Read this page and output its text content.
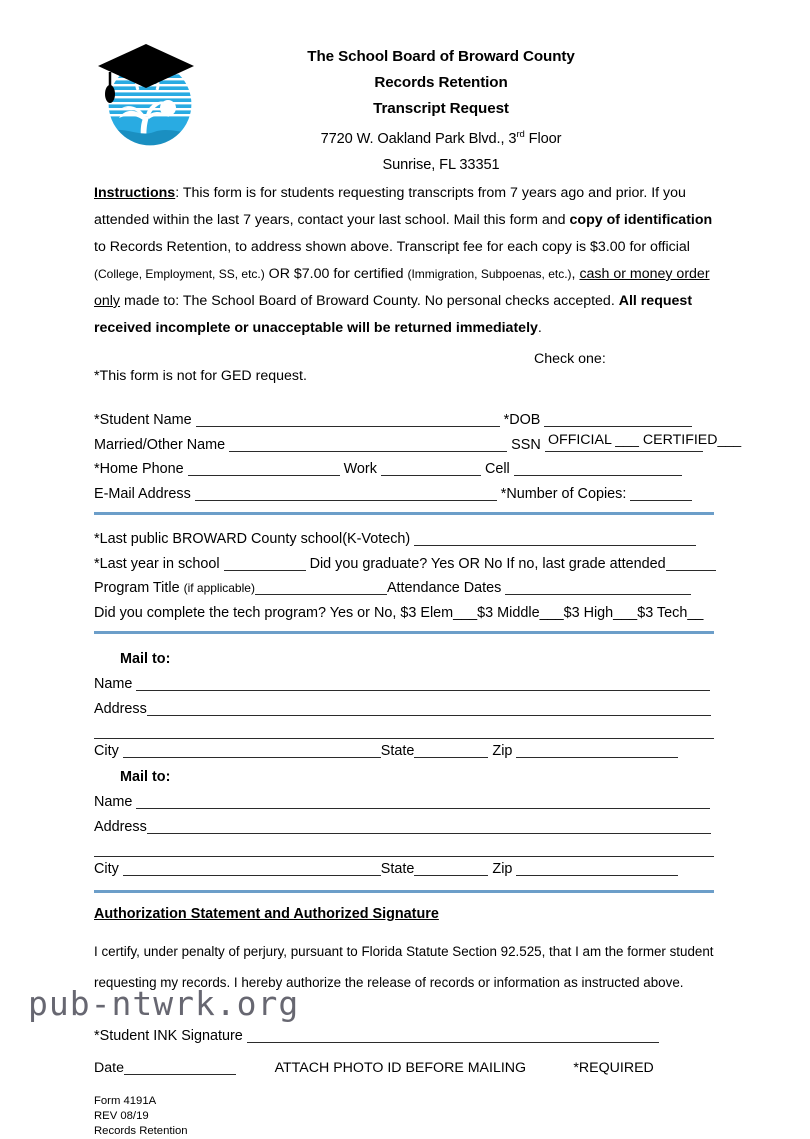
The School Board of Broward County
Records Retention
Transcript Request
7720 W. Oakland Park Blvd., 3rd Floor
Sunrise, FL 33351
Instructions: This form is for students requesting transcripts from 7 years ago and prior. If you attended within the last 7 years, contact your last school. Mail this form and copy of identification to Records Retention, to address shown above. Transcript fee for each copy is $3.00 for official (College, Employment, SS, etc.) OR $7.00 for certified (Immigration, Subpoenas, etc.), cash or money order only made to: The School Board of Broward County. No personal checks accepted. All request received incomplete or unacceptable will be returned immediately.

Check one:

OFFICIAL ___ CERTIFIED___

*This form is not for GED request.
*Student Name	*DOB
Married/Other Name	SSN
*Home Phone	Work	Cell
E-Mail Address	*Number of Copies:
*Last public BROWARD County school(K-Votech)
*Last year in school	Did you graduate? Yes OR No If no, last grade attended
Program Title (if applicable)	Attendance Dates
Did you complete the tech program? Yes or No, $3 Elem___$3 Middle___$3 High___$3 Tech__
Mail to:
Name
Address
City	State	Zip
Mail to:
Name
Address
City	State	Zip
Authorization Statement and Authorized Signature
I certify, under penalty of perjury, pursuant to Florida Statute Section 92.525, that I am the former student
requesting my records. I hereby authorize the release of records or information as instructed above.
*Student INK Signature
Date	ATTACH PHOTO ID BEFORE MAILING	*REQUIRED
Form 4191A
REV 08/19
Records Retention
pub-ntwrk.org
